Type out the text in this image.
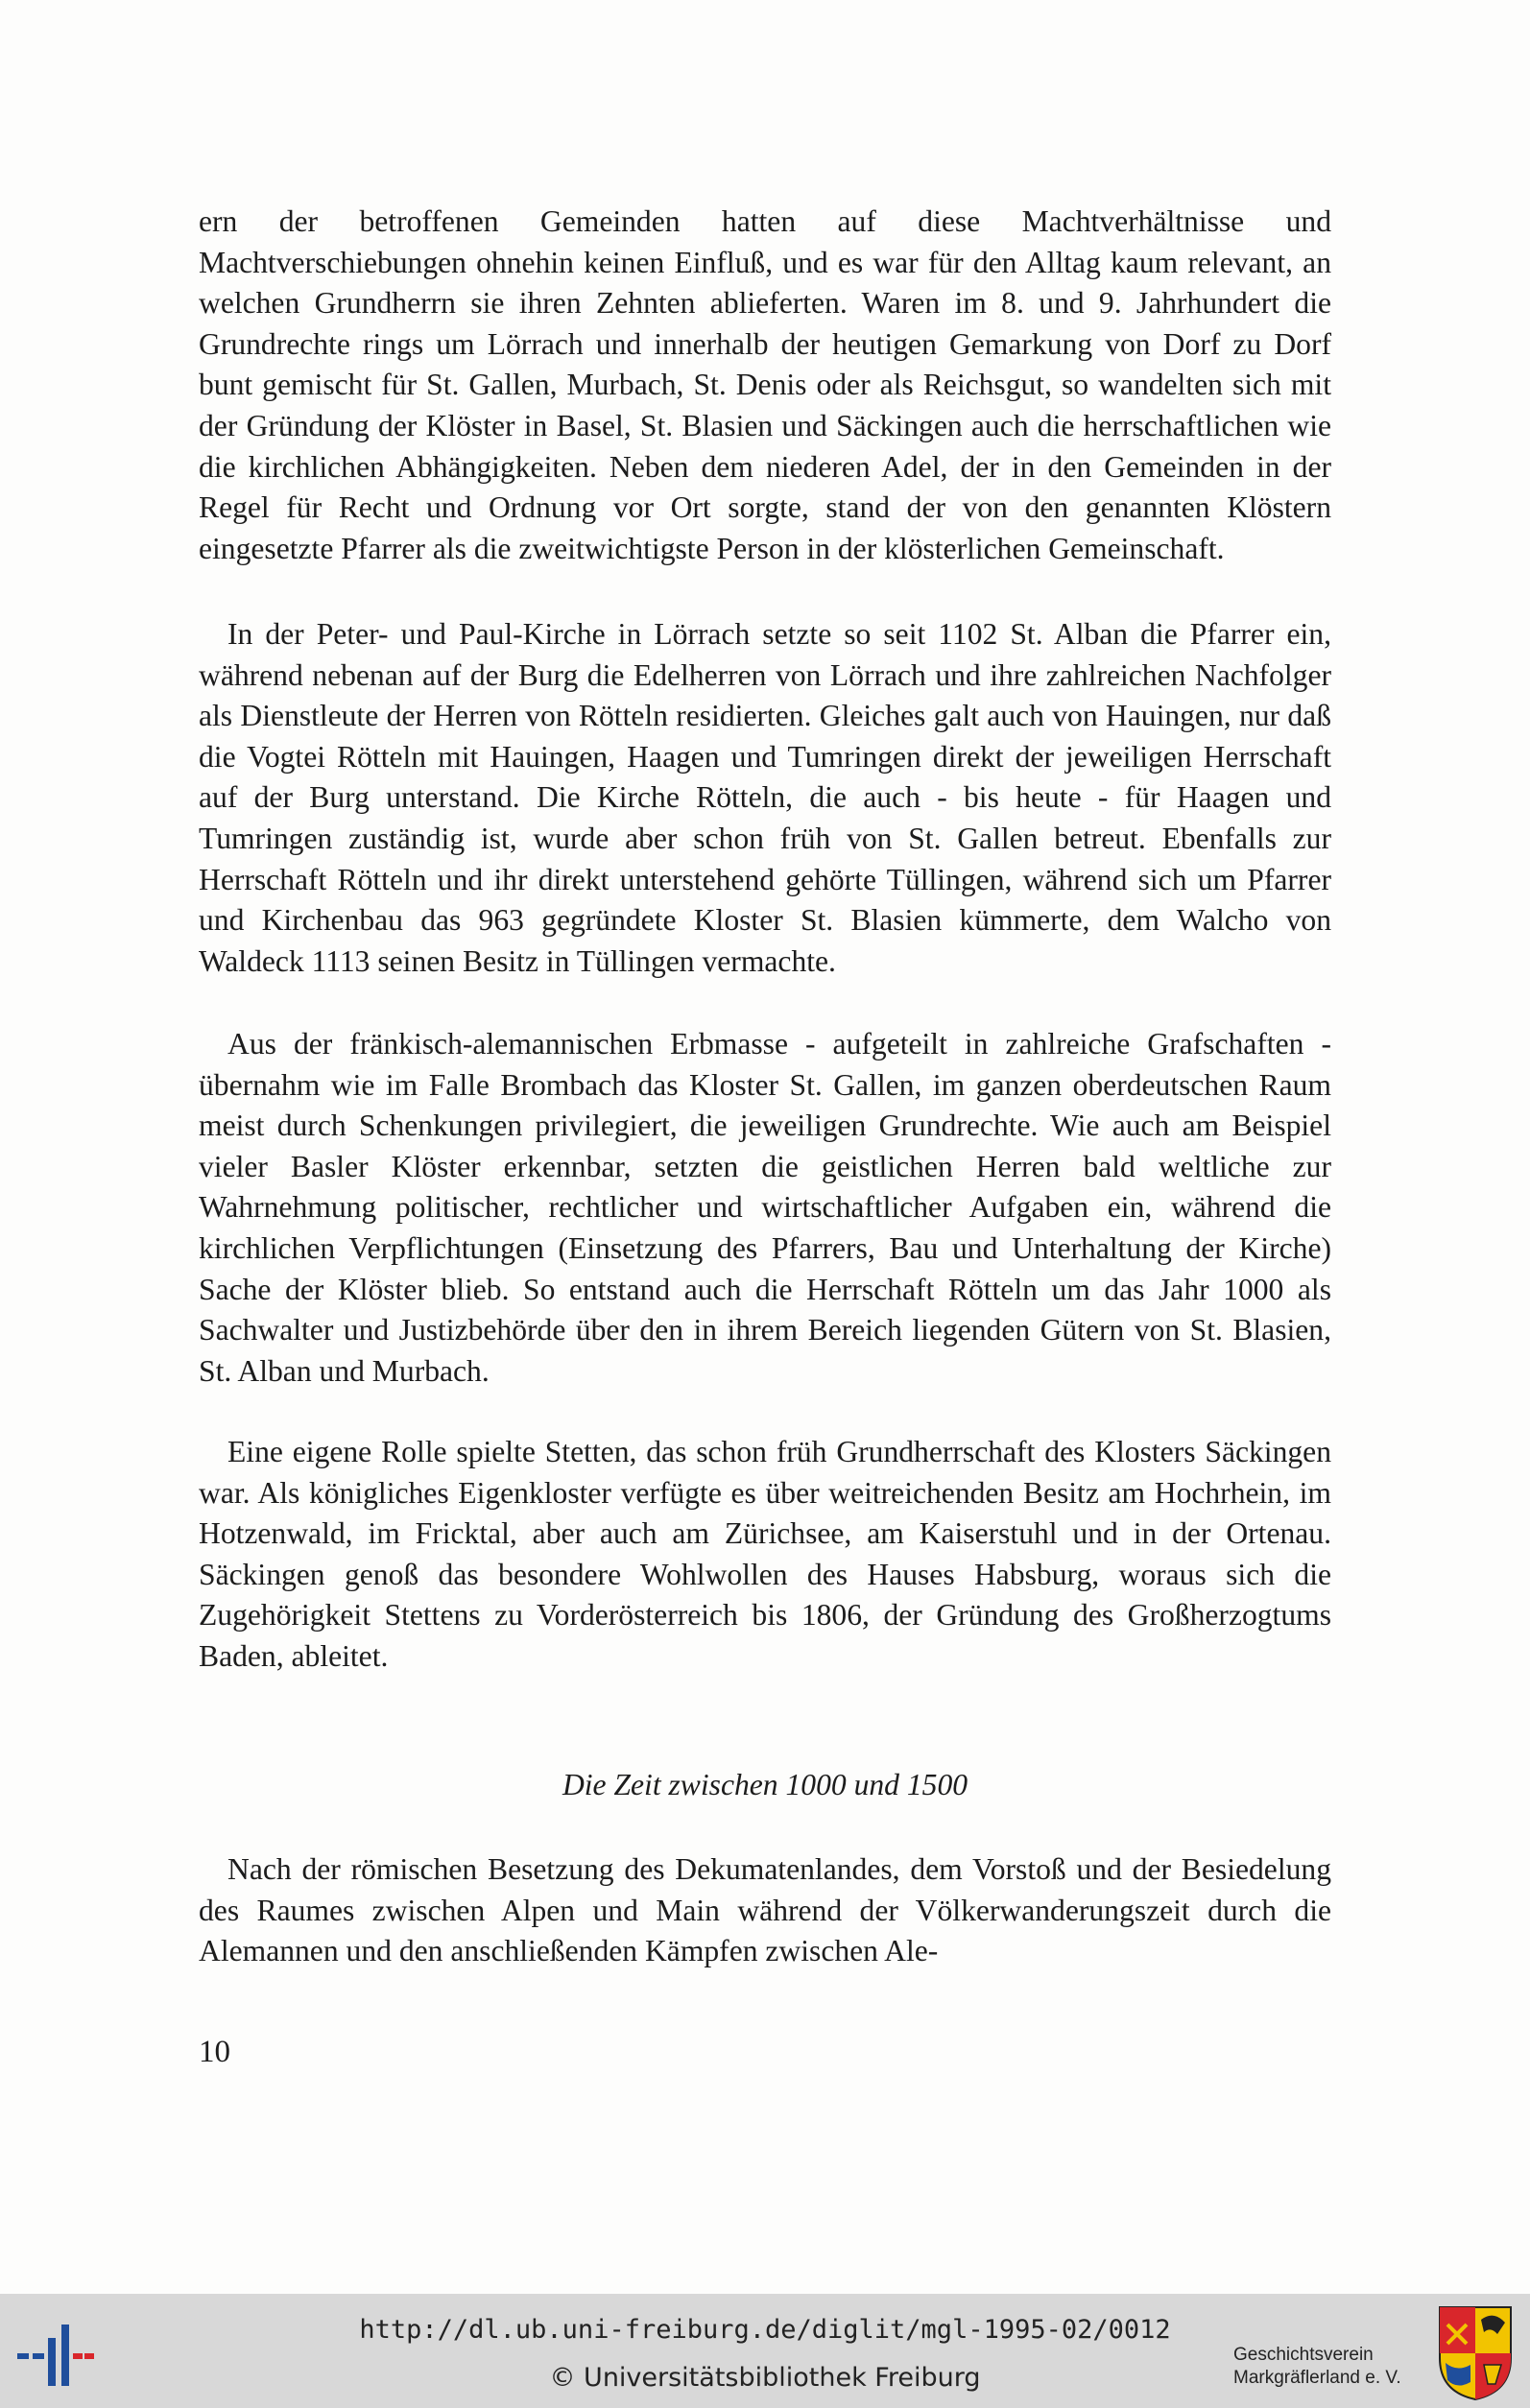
ern der betroffenen Gemeinden hatten auf diese Machtverhältnisse und Machtverschiebungen ohnehin keinen Einfluß, und es war für den Alltag kaum relevant, an welchen Grundherrn sie ihren Zehnten ablieferten. Waren im 8. und 9. Jahrhundert die Grundrechte rings um Lörrach und innerhalb der heutigen Gemarkung von Dorf zu Dorf bunt gemischt für St. Gallen, Murbach, St. Denis oder als Reichsgut, so wandelten sich mit der Gründung der Klöster in Basel, St. Blasien und Säckingen auch die herrschaftlichen wie die kirchlichen Abhängigkeiten. Neben dem niederen Adel, der in den Gemeinden in der Regel für Recht und Ordnung vor Ort sorgte, stand der von den genannten Klöstern eingesetzte Pfarrer als die zweitwichtigste Person in der klösterlichen Gemeinschaft.

In der Peter- und Paul-Kirche in Lörrach setzte so seit 1102 St. Alban die Pfarrer ein, während nebenan auf der Burg die Edelherren von Lörrach und ihre zahlreichen Nachfolger als Dienstleute der Herren von Rötteln residierten. Gleiches galt auch von Hauingen, nur daß die Vogtei Rötteln mit Hauingen, Haagen und Tumringen direkt der jeweiligen Herrschaft auf der Burg unterstand. Die Kirche Rötteln, die auch - bis heute - für Haagen und Tumringen zuständig ist, wurde aber schon früh von St. Gallen betreut. Ebenfalls zur Herrschaft Rötteln und ihr direkt unterstehend gehörte Tüllingen, während sich um Pfarrer und Kirchenbau das 963 gegründete Kloster St. Blasien kümmerte, dem Walcho von Waldeck 1113 seinen Besitz in Tüllingen vermachte.

Aus der fränkisch-alemannischen Erbmasse - aufgeteilt in zahlreiche Grafschaften - übernahm wie im Falle Brombach das Kloster St. Gallen, im ganzen oberdeutschen Raum meist durch Schenkungen privilegiert, die jeweiligen Grundrechte. Wie auch am Beispiel vieler Basler Klöster erkennbar, setzten die geistlichen Herren bald weltliche zur Wahrnehmung politischer, rechtlicher und wirtschaftlicher Aufgaben ein, während die kirchlichen Verpflichtungen (Einsetzung des Pfarrers, Bau und Unterhaltung der Kirche) Sache der Klöster blieb. So entstand auch die Herrschaft Rötteln um das Jahr 1000 als Sachwalter und Justizbehörde über den in ihrem Bereich liegenden Gütern von St. Blasien, St. Alban und Murbach.

Eine eigene Rolle spielte Stetten, das schon früh Grundherrschaft des Klosters Säckingen war. Als königliches Eigenkloster verfügte es über weitreichenden Besitz am Hochrhein, im Hotzenwald, im Fricktal, aber auch am Zürichsee, am Kaiserstuhl und in der Ortenau. Säckingen genoß das besondere Wohlwollen des Hauses Habsburg, woraus sich die Zugehörigkeit Stettens zu Vorderösterreich bis 1806, der Gründung des Großherzogtums Baden, ableitet.

Die Zeit zwischen 1000 und 1500

Nach der römischen Besetzung des Dekumatenlandes, dem Vorstoß und der Besiedelung des Raumes zwischen Alpen und Main während der Völkerwanderungszeit durch die Alemannen und den anschließenden Kämpfen zwischen Ale-

10
http://dl.ub.uni-freiburg.de/diglit/mgl-1995-02/0012
© Universitätsbibliothek Freiburg
Geschichtsverein
Markgräflerland e. V.
